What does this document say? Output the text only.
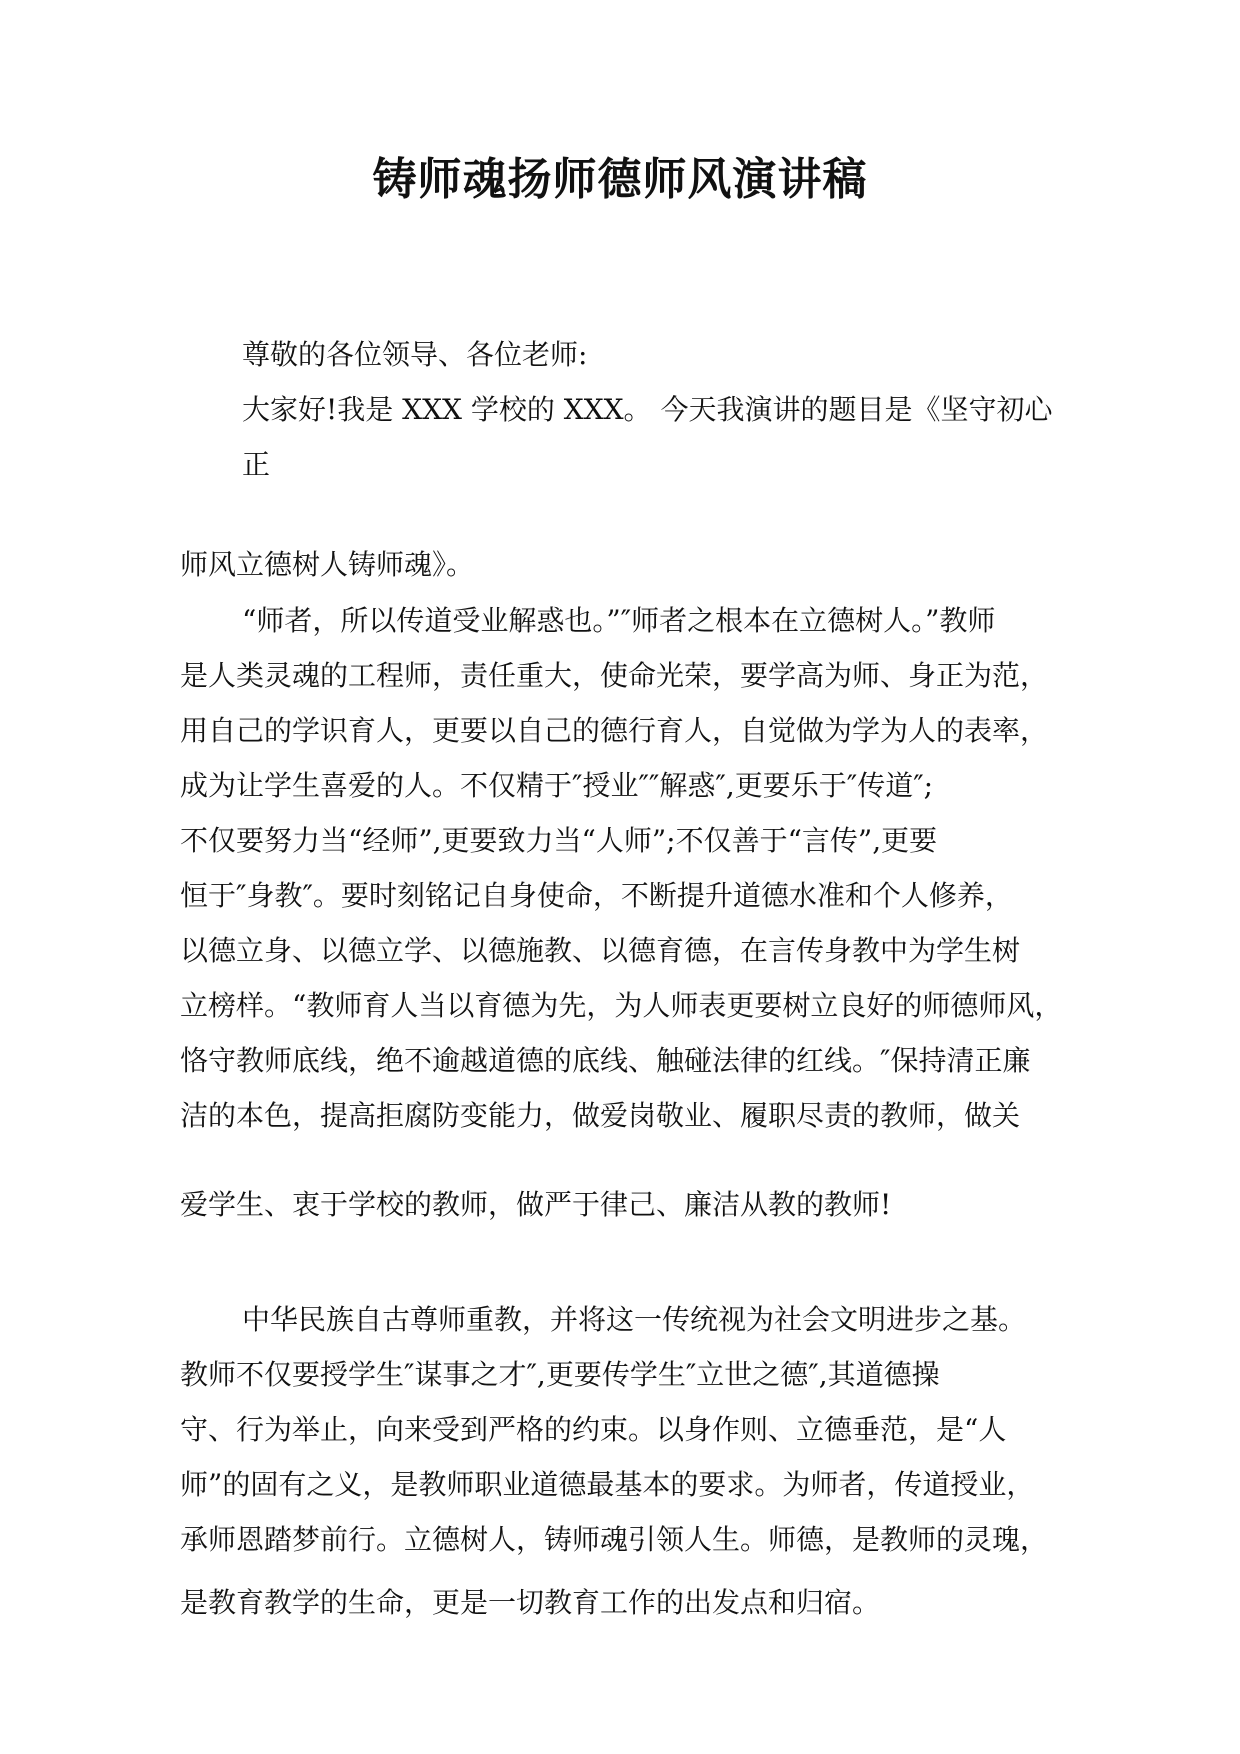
铸师魂扬师德师风演讲稿
尊敬的各位领导、各位老师:
大家好!我是 XXX 学校的 XXX。 今天我演讲的题目是《坚守初心
正
师风立德树人铸师魂》。
“师者，所以传道受业解惑也。”″师者之根本在立德树人。”教师
是人类灵魂的工程师，责任重大，使命光荣，要学高为师、身正为范，
用自己的学识育人，更要以自己的德行育人，自觉做为学为人的表率，
成为让学生喜爱的人。不仅精于″授业″″解惑″,更要乐于″传道″;
不仅要努力当“经师”,更要致力当“人师”;不仅善于“言传”,更要
恒于″身教″。要时刻铭记自身使命，不断提升道德水准和个人修养，
以德立身、以德立学、以德施教、以德育德，在言传身教中为学生树
立榜样。“教师育人当以育德为先，为人师表更要树立良好的师德师风，
恪守教师底线，绝不逾越道德的底线、触碰法律的红线。″保持清正廉
洁的本色，提高拒腐防变能力，做爱岗敬业、履职尽责的教师，做关
爱学生、衷于学校的教师，做严于律己、廉洁从教的教师!
中华民族自古尊师重教，并将这一传统视为社会文明进步之基。
教师不仅要授学生″谋事之才″,更要传学生″立世之德″,其道德操
守、行为举止，向来受到严格的约束。以身作则、立德垂范，是“人
师”的固有之义，是教师职业道德最基本的要求。为师者，传道授业，
承师恩踏梦前行。立德树人，铸师魂引领人生。师德，是教师的灵瑰，
是教育教学的生命，更是一切教育工作的出发点和归宿。
